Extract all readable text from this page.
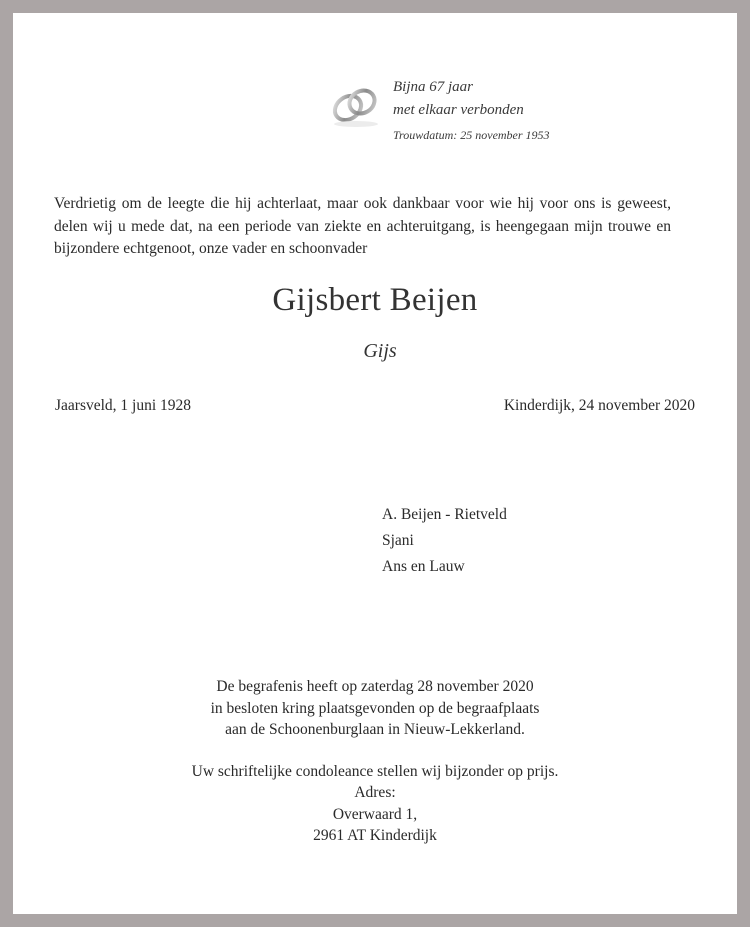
Bijna 67 jaar
met elkaar verbonden
Trouwdatum: 25 november 1953
Verdrietig om de leegte die hij achterlaat, maar ook dankbaar voor wie hij voor ons is geweest, delen wij u mede dat, na een periode van ziekte en achteruitgang, is heengegaan mijn trouwe en bijzondere echtgenoot, onze vader en schoonvader
Gijsbert Beijen
Gijs
Jaarsveld, 1 juni 1928	Kinderdijk, 24 november 2020
A. Beijen - Rietveld
Sjani
Ans en Lauw
De begrafenis heeft op zaterdag 28 november 2020
in besloten kring plaatsgevonden op de begraafplaats
aan de Schoonenburglaan in Nieuw-Lekkerland.
Uw schriftelijke condoleance stellen wij bijzonder op prijs.
Adres:
Overwaard 1,
2961 AT Kinderdijk
